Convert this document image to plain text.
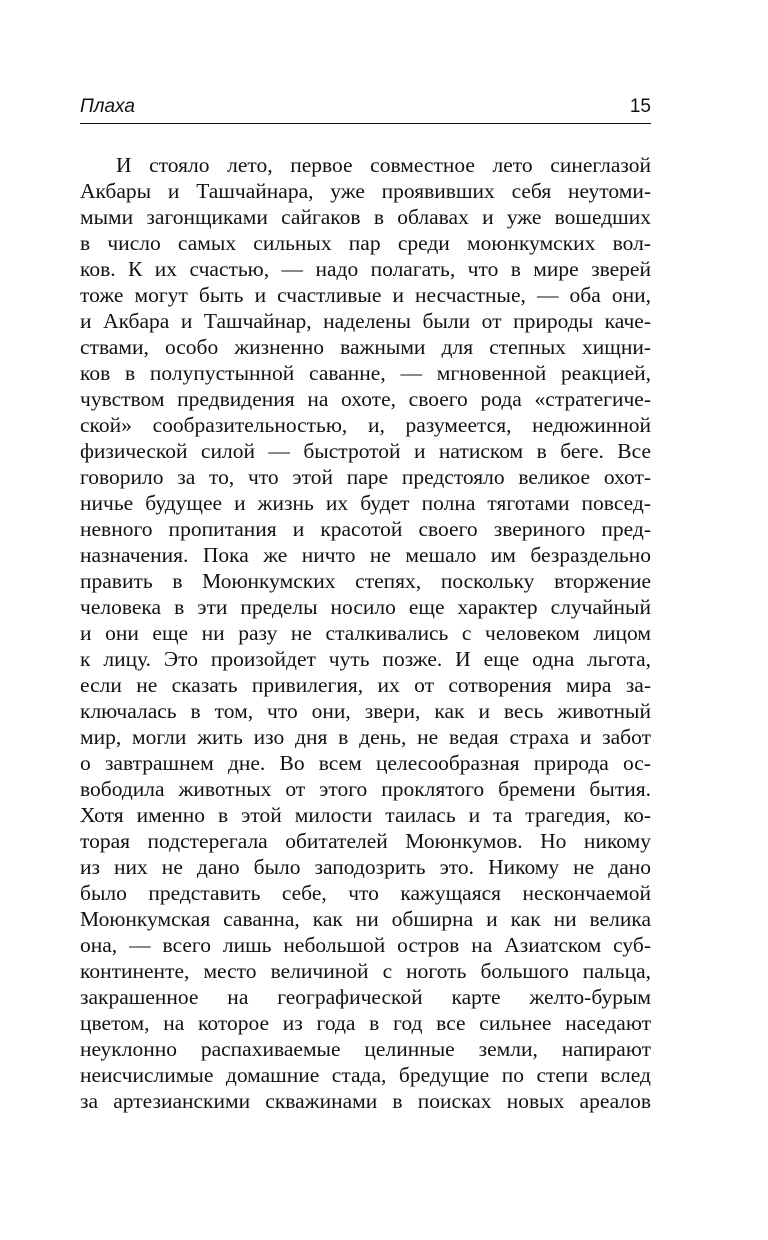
Плаха	15
И стояло лето, первое совместное лето синеглазой
Акбары и Ташчайнара, уже проявивших себя неутоми-
мыми загонщиками сайгаков в облавах и уже вошедших
в число самых сильных пар среди моюнкумских вол-
ков. К их счастью, — надо полагать, что в мире зверей
тоже могут быть и счастливые и несчастные, — оба они,
и Акбара и Ташчайнар, наделены были от природы каче-
ствами, особо жизненно важными для степных хищни-
ков в полупустынной саванне, — мгновенной реакцией,
чувством предвидения на охоте, своего рода «стратегиче-
ской» сообразительностью, и, разумеется, недюжинной
физической силой — быстротой и натиском в беге. Все
говорило за то, что этой паре предстояло великое охот-
ничье будущее и жизнь их будет полна тяготами повсед-
невного пропитания и красотой своего звериного пред-
назначения. Пока же ничто не мешало им безраздельно
править в Моюнкумских степях, поскольку вторжение
человека в эти пределы носило еще характер случайный
и они еще ни разу не сталкивались с человеком лицом
к лицу. Это произойдет чуть позже. И еще одна льгота,
если не сказать привилегия, их от сотворения мира за-
ключалась в том, что они, звери, как и весь животный
мир, могли жить изо дня в день, не ведая страха и забот
о завтрашнем дне. Во всем целесообразная природа ос-
вободила животных от этого проклятого бремени бытия.
Хотя именно в этой милости таилась и та трагедия, ко-
торая подстерегала обитателей Моюнкумов. Но никому
из них не дано было заподозрить это. Никому не дано
было представить себе, что кажущаяся нескончаемой
Моюнкумская саванна, как ни обширна и как ни велика
она, — всего лишь небольшой остров на Азиатском суб-
континенте, место величиной с ноготь большого пальца,
закрашенное на географической карте желто-бурым
цветом, на которое из года в год все сильнее наседают
неуклонно распахиваемые целинные земли, напирают
неисчислимые домашние стада, бредущие по степи вслед
за артезианскими скважинами в поисках новых ареалов
